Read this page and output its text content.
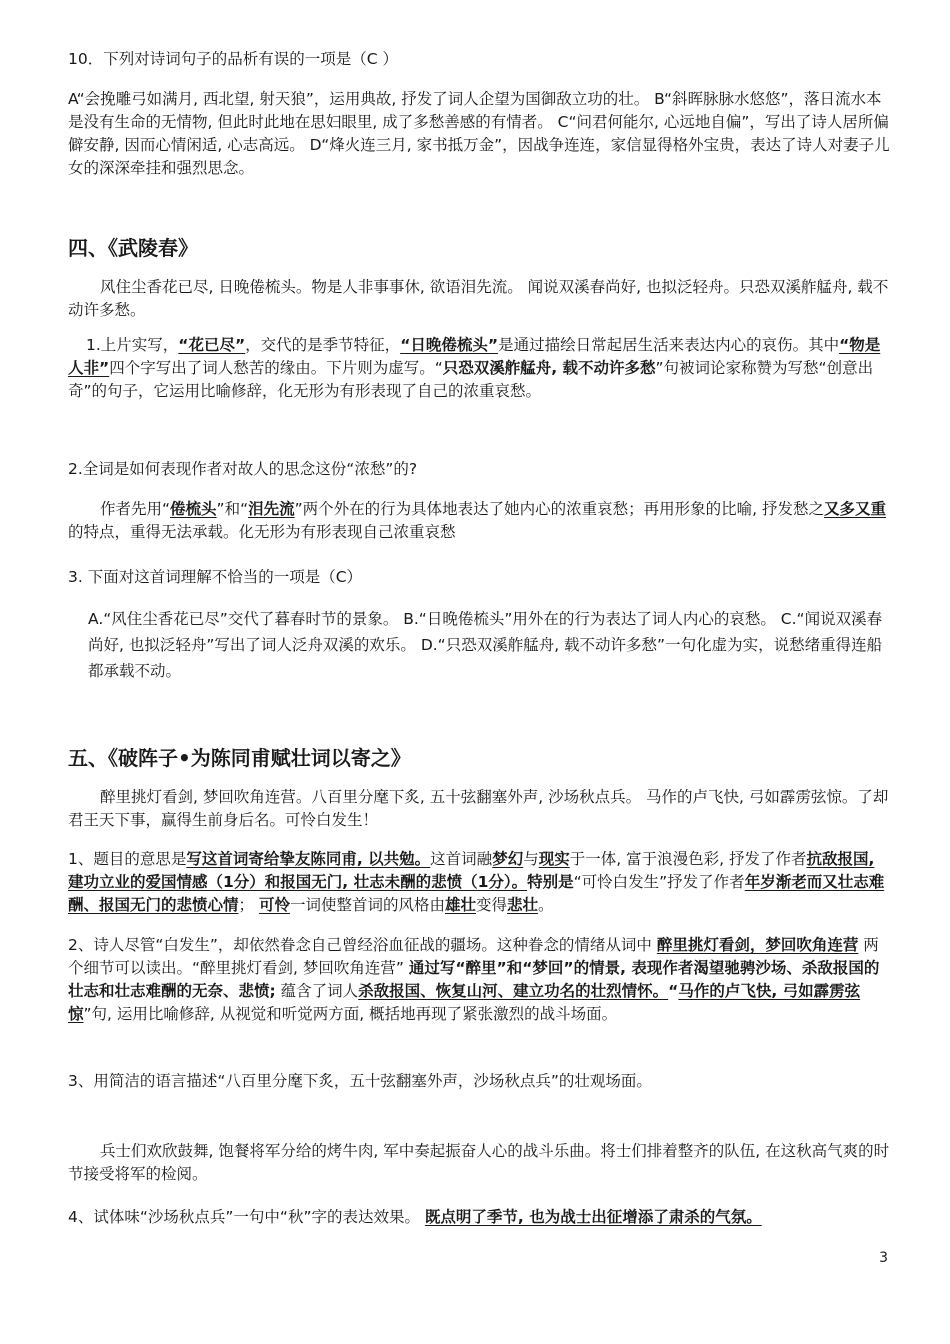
10．下列对诗词句子的品析有误的一项是（C ）

A“会挽雕弓如满月, 西北望, 射天狼”，运用典故, 抒发了词人企望为国御敌立功的壮。 B“斜晖脉脉水悠悠”，落日流水本是没有生命的无情物, 但此时此地在思妇眼里, 成了多愁善感的有情者。 C“问君何能尔, 心远地自偏”，写出了诗人居所偏僻安静, 因而心情闲适, 心志高远。 D“烽火连三月, 家书抵万金”，因战争连连，家信显得格外宝贵，表达了诗人对妻子儿女的深深牵挂和强烈思念。

四、《武陵春》

风住尘香花已尽, 日晚倦梳头。物是人非事事休, 欲语泪先流。 闻说双溪春尚好, 也拟泛轻舟。只恐双溪舴艋舟, 载不动许多愁。

1.上片实写，“花已尽”，交代的是季节特征，“日晚倦梳头”是通过描绘日常起居生活来表达内心的哀伤。其中“物是人非”四个字写出了词人愁苦的缘由。下片则为虚写。“只恐双溪舴艋舟, 载不动许多愁”句被词论家称赞为写愁“创意出奇”的句子，它运用比喻修辞，化无形为有形表现了自己的浓重哀愁。

2.全词是如何表现作者对故人的思念这份“浓愁”的?

作者先用“倦梳头”和“泪先流”两个外在的行为具体地表达了她内心的浓重哀愁；再用形象的比喻, 抒发愁之又多又重的特点，重得无法承载。化无形为有形表现自己浓重哀愁

3. 下面对这首词理解不恰当的一项是（C）

A.“风住尘香花已尽”交代了暮春时节的景象。 B.“日晚倦梳头”用外在的行为表达了词人内心的哀愁。 C.“闻说双溪春尚好, 也拟泛轻舟”写出了词人泛舟双溪的欢乐。 D.“只恐双溪舴艋舟, 载不动许多愁”一句化虚为实，说愁绪重得连船都承载不动。

五、《破阵子•为陈同甫赋壮词以寄之》

醉里挑灯看剑, 梦回吹角连营。八百里分麾下炙, 五十弦翻塞外声, 沙场秋点兵。 马作的卢飞快, 弓如霹雳弦惊。了却君王天下事，赢得生前身后名。可怜白发生！

1、题目的意思是写这首词寄给挚友陈同甫, 以共勉。这首词融梦幻与现实于一体, 富于浪漫色彩, 抒发了作者抗敌报国, 建功立业的爱国情感（1分）和报国无门, 壮志未酬的悲愤（1分）。特别是“可怜白发生”抒发了作者年岁渐老而又壮志难酬、报国无门的悲愤心情； 可怜一词使整首词的风格由雄壮变得悲壮。

2、诗人尽管“白发生”，却依然眷念自己曾经浴血征战的疆场。这种眷念的情绪从词中 醉里挑灯看剑，梦回吹角连营 两个细节可以读出。“醉里挑灯看剑, 梦回吹角连营” 通过写“醉里”和“梦回”的情景, 表现作者渴望驰骋沙场、杀敌报国的壮志和壮志难酬的无奈、悲愤; 蕴含了词人杀敌报国、恢复山河、建立功名的壮烈情怀。“马作的卢飞快, 弓如霹雳弦惊”句, 运用比喻修辞, 从视觉和听觉两方面, 概括地再现了紧张激烈的战斗场面。

3、用简洁的语言描述“八百里分麾下炙，五十弦翻塞外声，沙场秋点兵”的壮观场面。

兵士们欢欣鼓舞, 饱餐将军分给的烤牛肉, 军中奏起振奋人心的战斗乐曲。将士们排着整齐的队伍, 在这秋高气爽的时节接受将军的检阅。

4、试体味“沙场秋点兵”一句中“秋”字的表达效果。 既点明了季节, 也为战士出征增添了肃杀的气氛。

3
